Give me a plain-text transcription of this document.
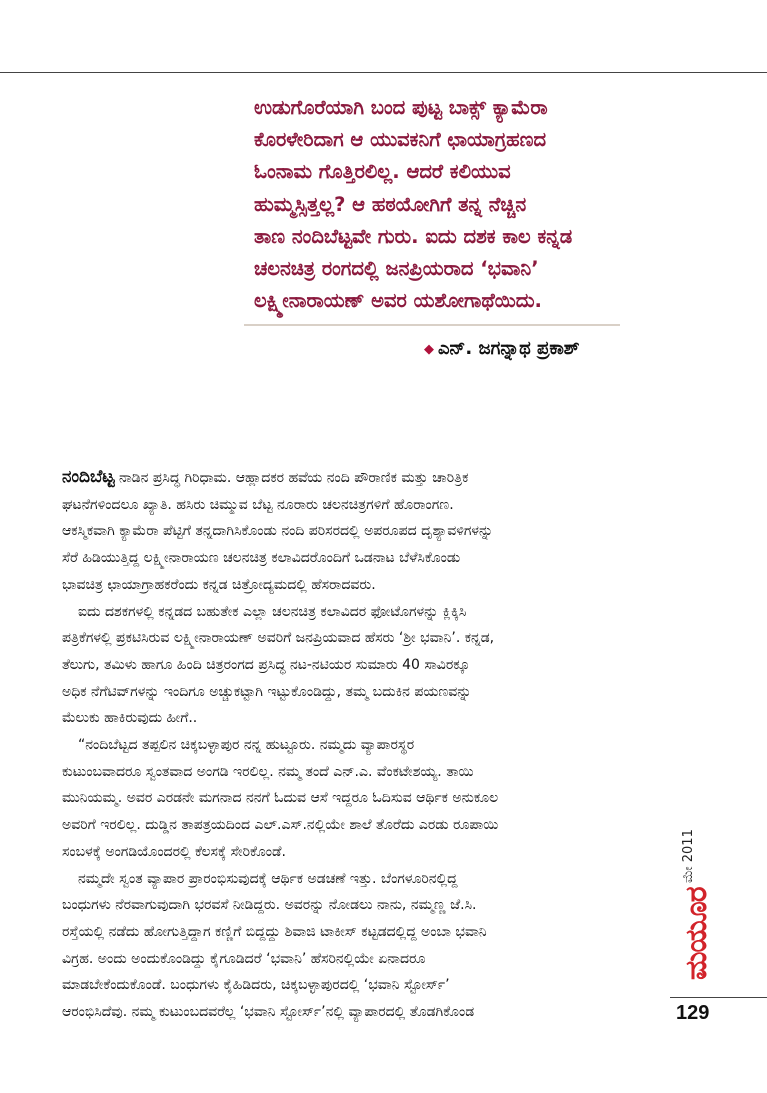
ಉಡುಗೊರೆಯಾಗಿ ಬಂದ ಪುಟ್ಟ ಬಾಕ್ಸ್ ಕ್ಯಾಮೆರಾ
ಕೊರಳೇರಿದಾಗ ಆ ಯುವಕನಿಗೆ ಛಾಯಾಗ್ರಹಣದ
ಓಂನಾಮ ಗೊತ್ತಿರಲಿಲ್ಲ. ಆದರೆ ಕಲಿಯುವ
ಹುಮ್ಮಸ್ಸಿತ್ತಲ್ಲ? ಆ ಹಠಯೋಗಿಗೆ ತನ್ನ ನೆಚ್ಚಿನ
ತಾಣ ನಂದಿಬೆಟ್ಟವೇ ಗುರು. ಐದು ದಶಕ ಕಾಲ ಕನ್ನಡ
ಚಲನಚಿತ್ರ ರಂಗದಲ್ಲಿ ಜನಪ್ರಿಯರಾದ ‘ಭವಾನಿ’
ಲಕ್ಷ್ಮೀನಾರಾಯಣ್ ಅವರ ಯಶೋಗಾಥೆಯಿದು.
◆ ಎನ್. ಜಗನ್ನಾಥ ಪ್ರಕಾಶ್
ನಂದಿಬೆಟ್ಟ ನಾಡಿನ ಪ್ರಸಿದ್ಧ ಗಿರಿಧಾಮ. ಆಹ್ಲಾದಕರ ಹವೆಯ ನಂದಿ ಪೌರಾಣಿಕ ಮತ್ತು ಚಾರಿತ್ರಿಕ
ಘಟನೆಗಳಿಂದಲೂ ಖ್ಯಾತಿ. ಹಸಿರು ಚಿಮ್ಮುವ ಬೆಟ್ಟ ನೂರಾರು ಚಲನಚಿತ್ರಗಳಿಗೆ ಹೊರಾಂಗಣ.
ಆಕಸ್ಮಿಕವಾಗಿ ಕ್ಯಾಮೆರಾ ಪೆಟ್ಟಿಗೆ ತನ್ನದಾಗಿಸಿಕೊಂಡು ನಂದಿ ಪರಿಸರದಲ್ಲಿ ಅಪರೂಪದ ದೃಶ್ಯಾವಳಿಗಳನ್ನು
ಸೆರೆ ಹಿಡಿಯುತ್ತಿದ್ದ ಲಕ್ಷ್ಮೀನಾರಾಯಣ ಚಲನಚಿತ್ರ ಕಲಾವಿದರೊಂದಿಗೆ ಒಡನಾಟ ಬೆಳೆಸಿಕೊಂಡು
ಭಾವಚಿತ್ರ ಛಾಯಾಗ್ರಾಹಕರೆಂದು ಕನ್ನಡ ಚಿತ್ರೋದ್ಯಮದಲ್ಲಿ ಹೆಸರಾದವರು.
ಐದು ದಶಕಗಳಲ್ಲಿ ಕನ್ನಡದ ಬಹುತೇಕ ಎಲ್ಲಾ ಚಲನಚಿತ್ರ ಕಲಾವಿದರ ಫೋಟೊಗಳನ್ನು ಕ್ಲಿಕ್ಕಿಸಿ
ಪತ್ರಿಕೆಗಳಲ್ಲಿ ಪ್ರಕಟಿಸಿರುವ ಲಕ್ಷ್ಮೀನಾರಾಯಣ್ ಅವರಿಗೆ ಜನಪ್ರಿಯವಾದ ಹೆಸರು ‘ಶ್ರೀ ಭವಾನಿ’. ಕನ್ನಡ,
ತೆಲುಗು, ತಮಿಳು ಹಾಗೂ ಹಿಂದಿ ಚಿತ್ರರಂಗದ ಪ್ರಸಿದ್ಧ ನಟ-ನಟಿಯರ ಸುಮಾರು 40 ಸಾವಿರಕ್ಕೂ
ಅಧಿಕ ನೆಗೆಟಿವ್‌ಗಳನ್ನು ಇಂದಿಗೂ ಅಚ್ಚುಕಟ್ಟಾಗಿ ಇಟ್ಟುಕೊಂಡಿದ್ದು, ತಮ್ಮ ಬದುಕಿನ ಪಯಣವನ್ನು
ಮೆಲುಕು ಹಾಕಿರುವುದು ಹೀಗೆ..
“ನಂದಿಬೆಟ್ಟದ ತಪ್ಪಲಿನ ಚಿಕ್ಕಬಳ್ಳಾಪುರ ನನ್ನ ಹುಟ್ಟೂರು. ನಮ್ಮದು ವ್ಯಾಪಾರಸ್ಥರ
ಕುಟುಂಬವಾದರೂ ಸ್ವಂತವಾದ ಅಂಗಡಿ ಇರಲಿಲ್ಲ. ನಮ್ಮ ತಂದೆ ಎನ್.ಎ. ವೆಂಕಟೇಶಯ್ಯ. ತಾಯಿ
ಮುನಿಯಮ್ಮ. ಅವರ ಎರಡನೇ ಮಗನಾದ ನನಗೆ ಓದುವ ಆಸೆ ಇದ್ದರೂ ಓದಿಸುವ ಆರ್ಥಿಕ ಅನುಕೂಲ
ಅವರಿಗೆ ಇರಲಿಲ್ಲ. ದುಡ್ಡಿನ ತಾಪತ್ರಯದಿಂದ ಎಲ್.ಎಸ್.ನಲ್ಲಿಯೇ ಶಾಲೆ ತೊರೆದು ಎರಡು ರೂಪಾಯಿ
ಸಂಬಳಕ್ಕೆ ಅಂಗಡಿಯೊಂದರಲ್ಲಿ ಕೆಲಸಕ್ಕೆ ಸೇರಿಕೊಂಡೆ.
ನಮ್ಮದೇ ಸ್ವಂತ ವ್ಯಾಪಾರ ಪ್ರಾರಂಭಿಸುವುದಕ್ಕೆ ಆರ್ಥಿಕ ಅಡಚಣೆ ಇತ್ತು. ಬೆಂಗಳೂರಿನಲ್ಲಿದ್ದ
ಬಂಧುಗಳು ನೆರವಾಗುವುದಾಗಿ ಭರವಸೆ ನೀಡಿದ್ದರು. ಅವರನ್ನು ನೋಡಲು ನಾನು, ನಮ್ಮಣ್ಣ ಜೆ.ಸಿ.
ರಸ್ತೆಯಲ್ಲಿ ನಡೆದು ಹೋಗುತ್ತಿದ್ದಾಗ ಕಣ್ಣಿಗೆ ಬಿದ್ದದ್ದು ಶಿವಾಜಿ ಟಾಕೀಸ್ ಕಟ್ಟಡದಲ್ಲಿದ್ದ ಅಂಬಾ ಭವಾನಿ
ವಿಗ್ರಹ. ಅಂದು ಅಂದುಕೊಂಡಿದ್ದು ಕೈಗೂಡಿದರೆ ‘ಭವಾನಿ’ ಹೆಸರಿನಲ್ಲಿಯೇ ಏನಾದರೂ
ಮಾಡಬೇಕೆಂದುಕೊಂಡೆ. ಬಂಧುಗಳು ಕೈಹಿಡಿದರು, ಚಿಕ್ಕಬಳ್ಳಾಪುರದಲ್ಲಿ ‘ಭವಾನಿ ಸ್ಟೋರ್ಸ್’
ಆರಂಭಿಸಿದೆವು. ನಮ್ಮ ಕುಟುಂಬದವರೆಲ್ಲ ‘ಭವಾನಿ ಸ್ಟೋರ್ಸ್’ನಲ್ಲಿ ವ್ಯಾಪಾರದಲ್ಲಿ ತೊಡಗಿಕೊಂಡ
ಮೇ 2011
ಮಯೂರ
129
